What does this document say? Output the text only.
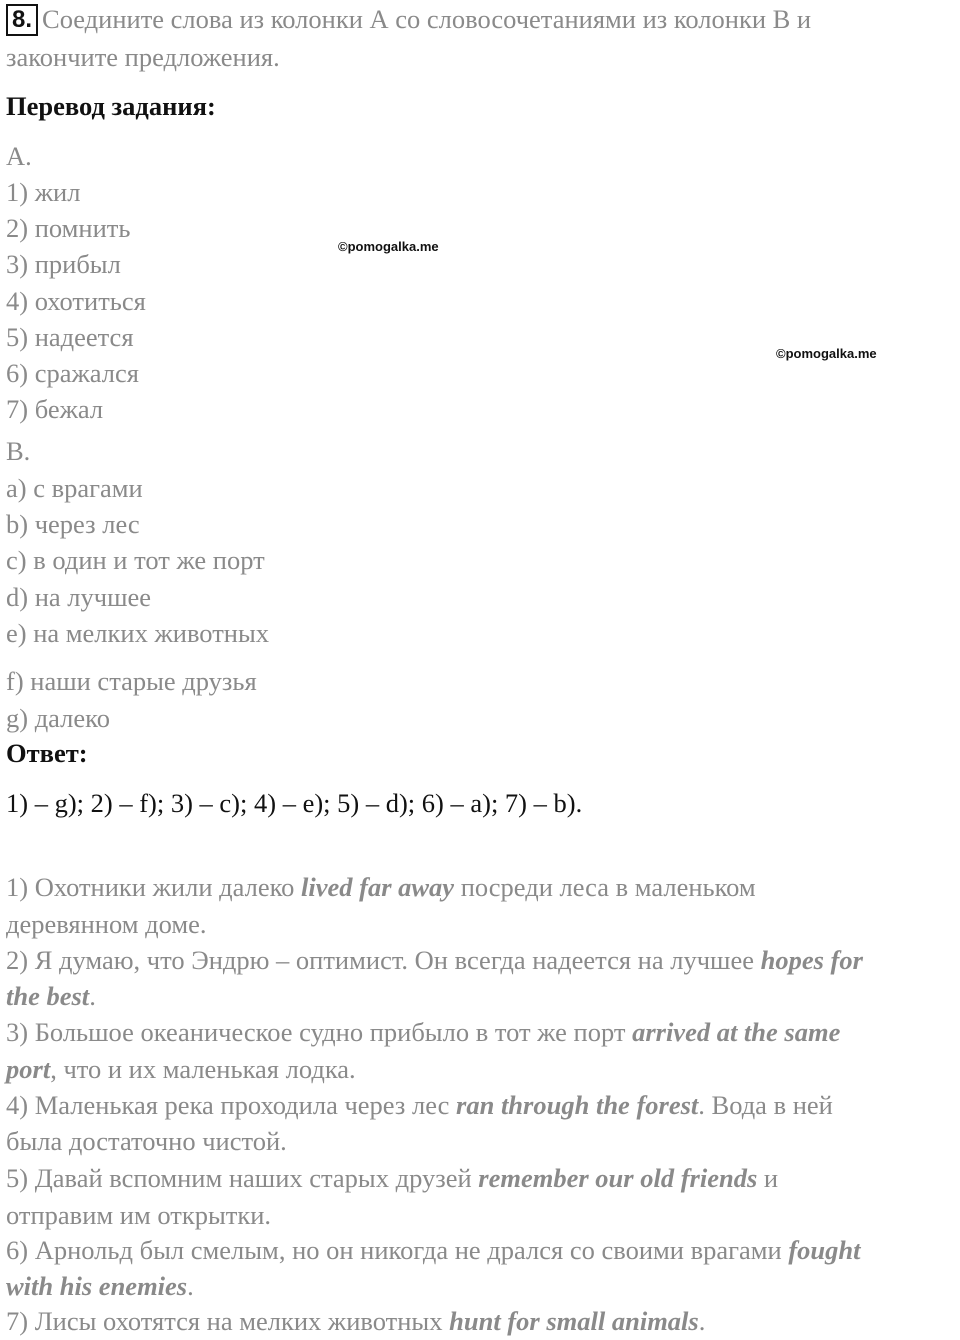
8. Соедините слова из колонки А со словосочетаниями из колонки В и
закончите предложения.
Перевод задания:
A.
1) жил
2) помнить
3) прибыл
4) охотиться
5) надеется
6) сражался
7) бежал
B.
a) с врагами
b) через лес
c) в один и тот же порт
d) на лучшее
e) на мелких животных
f) наши старые друзья
g) далеко
Ответ:
1) – g); 2) – f); 3) – c); 4) – e); 5) – d); 6) – a); 7) – b).
©pomogalka.me
©pomogalka.me
1) Охотники жили далеко lived far away посреди леса в маленьком
деревянном доме.
2) Я думаю, что Эндрю – оптимист. Он всегда надеется на лучшее hopes for
the best.
3) Большое океаническое судно прибыло в тот же порт arrived at the same
port, что и их маленькая лодка.
4) Маленькая река проходила через лес ran through the forest. Вода в ней
была достаточно чистой.
5) Давай вспомним наших старых друзей remember our old friends и
отправим им открытки.
6) Арнольд был смелым, но он никогда не дрался со своими врагами fought
with his enemies.
7) Лисы охотятся на мелких животных hunt for small animals.
